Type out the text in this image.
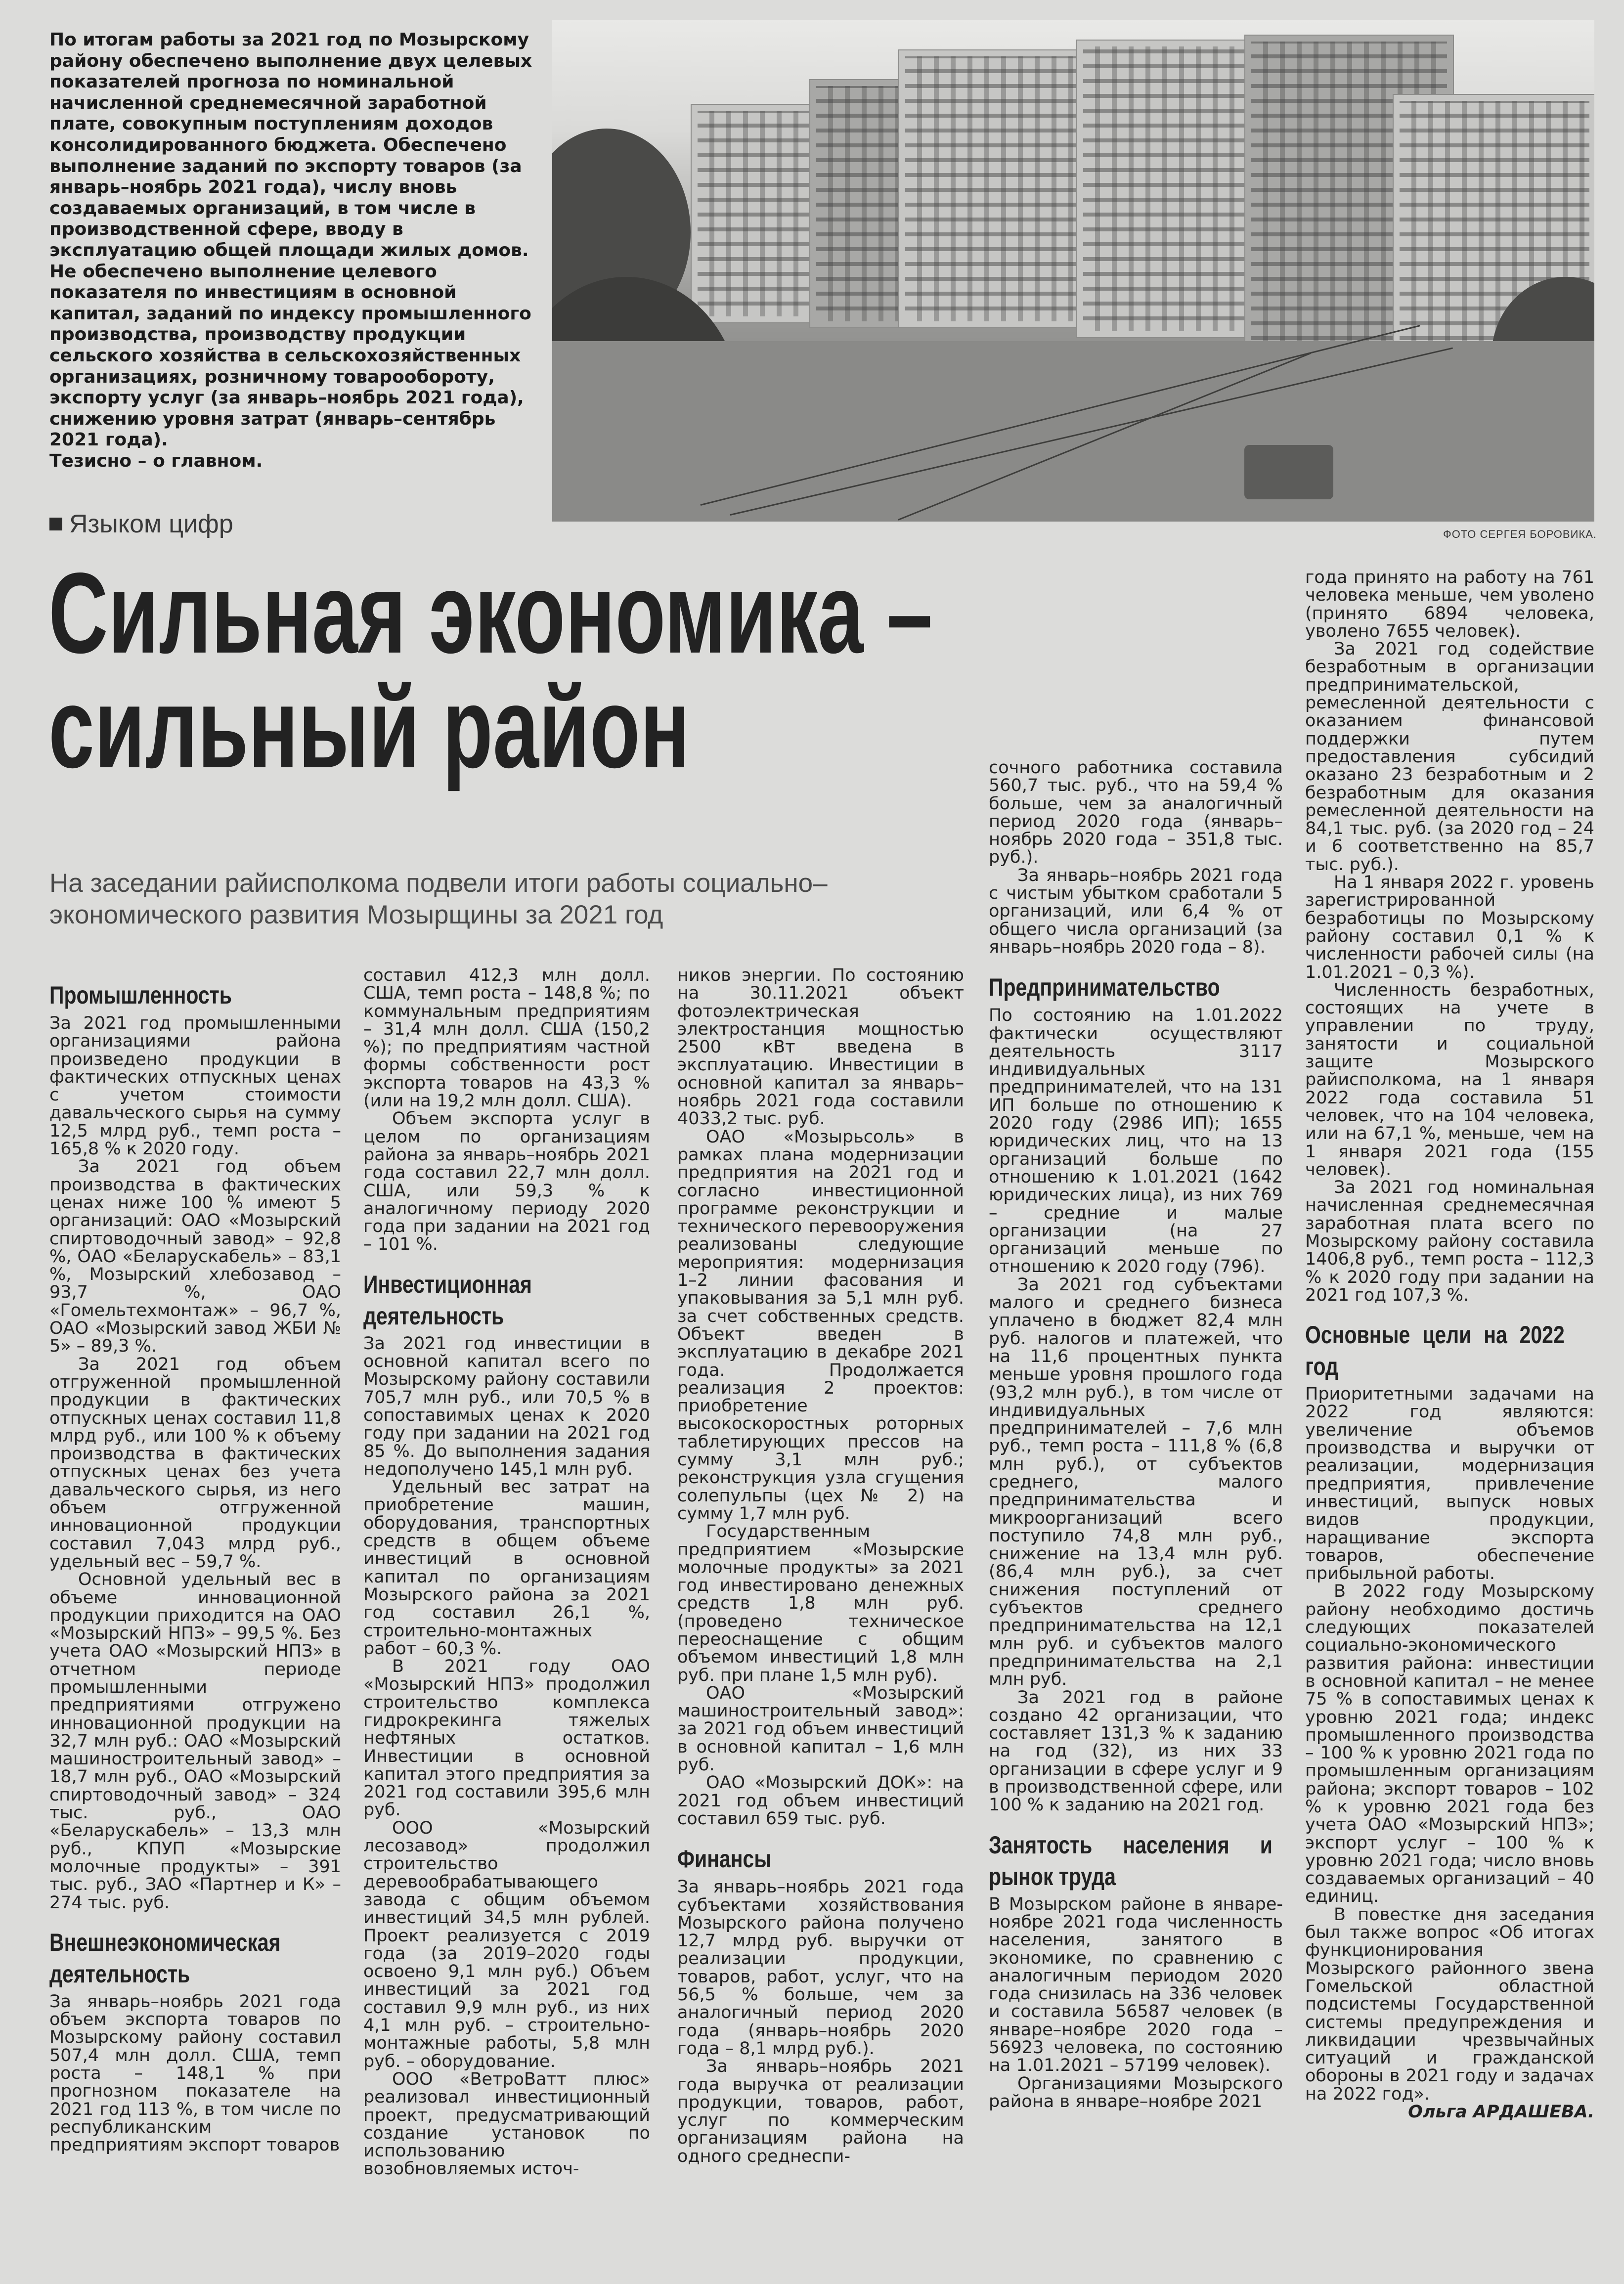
По итогам работы за 2021 год по Мозырскому району обеспечено выполнение двух целевых показателей прогноза по номинальной начисленной среднемесячной заработной плате, совокупным поступлениям доходов консолидированного бюджета. Обеспечено выполнение заданий по экспорту товаров (за январь–ноябрь 2021 года), числу вновь создаваемых организаций, в том числе в производственной сфере, вводу в эксплуатацию общей площади жилых домов.

Не обеспечено выполнение целевого показателя по инвестициям в основной капитал, заданий по индексу промышленного производства, производству продукции сельского хозяйства в сельскохозяйственных организациях, розничному товарообороту, экспорту услуг (за январь–ноябрь 2021 года), снижению уровня затрат (январь–сентябрь 2021 года).

Тезисно – о главном.

ФОТО СЕРГЕЯ БОРОВИКА.
Языком цифр
Сильная экономика –
сильный район
На заседании райисполкома подвели итоги работы социально–экономического развития Мозырщины за 2021 год
Промышленность

За 2021 год промышленными организациями района произведено продукции в фактических отпускных ценах с учетом стоимости давальческого сырья на сумму 12,5 млрд руб., темп роста – 165,8 % к 2020 году.

За 2021 год объем производства в фактических ценах ниже 100 % имеют 5 организаций: ОАО «Мозырский спиртоводочный завод» – 92,8 %, ОАО «Беларускабель» – 83,1 %, Мозырский хлебозавод – 93,7 %, ОАО «Гомельтехмонтаж» – 96,7 %, ОАО «Мозырский завод ЖБИ № 5» – 89,3 %.

За 2021 год объем отгруженной промышленной продукции в фактических отпускных ценах составил 11,8 млрд руб., или 100 % к объему производства в фактических отпускных ценах без учета давальческого сырья, из него объем отгруженной инновационной продукции составил 7,043 млрд руб., удельный вес – 59,7 %.

Основной удельный вес в объеме инновационной продукции приходится на ОАО «Мозырский НПЗ» – 99,5 %. Без учета ОАО «Мозырский НПЗ» в отчетном периоде промышленными предприятиями отгружено инновационной продукции на 32,7 млн руб.: ОАО «Мозырский машиностроительный завод» – 18,7 млн руб., ОАО «Мозырский спиртоводочный завод» – 324 тыс. руб., ОАО «Беларускабель» – 13,3 млн руб., КПУП «Мозырские молочные продукты» – 391 тыс. руб., ЗАО «Партнер и К» – 274 тыс. руб.

Внешнеэкономическая деятельность

За январь–ноябрь 2021 года объем экспорта товаров по Мозырскому району составил 507,4 млн долл. США, темп роста – 148,1 % при прогнозном показателе на 2021 год 113 %, в том числе по республиканским предприятиям экспорт товаров

составил 412,3 млн долл. США, темп роста – 148,8 %; по коммунальным предприятиям – 31,4 млн долл. США (150,2 %); по предприятиям частной формы собственности рост экспорта товаров на 43,3 % (или на 19,2 млн долл. США).

Объем экспорта услуг в целом по организациям района за январь–ноябрь 2021 года составил 22,7 млн долл. США, или 59,3 % к аналогичному периоду 2020 года при задании на 2021 год – 101 %.

Инвестиционная деятельность

За 2021 год инвестиции в основной капитал всего по Мозырскому району составили 705,7 млн руб., или 70,5 % в сопоставимых ценах к 2020 году при задании на 2021 год 85 %. До выполнения задания недополучено 145,1 млн руб.

Удельный вес затрат на приобретение машин, оборудования, транспортных средств в общем объеме инвестиций в основной капитал по организациям Мозырского района за 2021 год составил 26,1 %, строительно-монтажных работ – 60,3 %.

В 2021 году ОАО «Мозырский НПЗ» продолжил строительство комплекса гидрокрекинга тяжелых нефтяных остатков. Инвестиции в основной капитал этого предприятия за 2021 год составили 395,6 млн руб.

ООО «Мозырский лесозавод» продолжил строительство деревообрабатывающего завода с общим объемом инвестиций 34,5 млн рублей. Проект реализуется с 2019 года (за 2019–2020 годы освоено 9,1 млн руб.) Объем инвестиций за 2021 год составил 9,9 млн руб., из них 4,1 млн руб. – строительно-монтажные работы, 5,8 млн руб. – оборудование.

ООО «ВетроВатт плюс» реализовал инвестиционный проект, предусматривающий создание установок по использованию возобновляемых источ-

ников энергии. По состоянию на 30.11.2021 объект фотоэлектрическая электростанция мощностью 2500 кВт введена в эксплуатацию. Инвестиции в основной капитал за январь–ноябрь 2021 года составили 4033,2 тыс. руб.

ОАО «Мозырьсоль» в рамках плана модернизации предприятия на 2021 год и согласно инвестиционной программе реконструкции и технического перевооружения реализованы следующие мероприятия: модернизация 1–2 линии фасования и упаковывания за 5,1 млн руб. за счет собственных средств. Объект введен в эксплуатацию в декабре 2021 года. Продолжается реализация 2 проектов: приобретение высокоскоростных роторных таблетирующих прессов на сумму 3,1 млн руб.; реконструкция узла сгущения солепульпы (цех № 2) на сумму 1,7 млн руб.

Государственным предприятием «Мозырские молочные продукты» за 2021 год инвестировано денежных средств 1,8 млн руб. (проведено техническое переоснащение с общим объемом инвестиций 1,8 млн руб. при плане 1,5 млн руб).

ОАО «Мозырский машиностроительный завод»: за 2021 год объем инвестиций в основной капитал – 1,6 млн руб.

ОАО «Мозырский ДОК»: на 2021 год объем инвестиций составил 659 тыс. руб.

Финансы

За январь–ноябрь 2021 года субъектами хозяйствования Мозырского района получено 12,7 млрд руб. выручки от реализации продукции, товаров, работ, услуг, что на 56,5 % больше, чем за аналогичный период 2020 года (январь–ноябрь 2020 года – 8,1 млрд руб.).

За январь–ноябрь 2021 года выручка от реализации продукции, товаров, работ, услуг по коммерческим организациям района на одного среднеспи-

сочного работника составила 560,7 тыс. руб., что на 59,4 % больше, чем за аналогичный период 2020 года (январь–ноябрь 2020 года – 351,8 тыс. руб.).

За январь–ноябрь 2021 года с чистым убытком сработали 5 организаций, или 6,4 % от общего числа организаций (за январь–ноябрь 2020 года – 8).

Предпринимательство

По состоянию на 1.01.2022 фактически осуществляют деятельность 3117 индивидуальных предпринимателей, что на 131 ИП больше по отношению к 2020 году (2986 ИП); 1655 юридических лиц, что на 13 организаций больше по отношению к 1.01.2021 (1642 юридических лица), из них 769 – средние и малые организации (на 27 организаций меньше по отношению к 2020 году (796).

За 2021 год субъектами малого и среднего бизнеса уплачено в бюджет 82,4 млн руб. налогов и платежей, что на 11,6 процентных пункта меньше уровня прошлого года (93,2 млн руб.), в том числе от индивидуальных предпринимателей – 7,6 млн руб., темп роста – 111,8 % (6,8 млн руб.), от субъектов среднего, малого предпринимательства и микроорганизаций всего поступило 74,8 млн руб., снижение на 13,4 млн руб. (86,4 млн руб.), за счет снижения поступлений от субъектов среднего предпринимательства на 12,1 млн руб. и субъектов малого предпринимательства на 2,1 млн руб.

За 2021 год в районе создано 42 организации, что составляет 131,3 % к заданию на год (32), из них 33 организации в сфере услуг и 9 в производственной сфере, или 100 % к заданию на 2021 год.

Занятость населения и рынок труда

В Мозырском районе в январе-ноябре 2021 года численность населения, занятого в экономике, по сравнению с аналогичным периодом 2020 года снизилась на 336 человек и составила 56587 человек (в январе–ноябре 2020 года – 56923 человека, по состоянию на 1.01.2021 – 57199 человек).

Организациями Мозырского района в январе–ноябре 2021

года принято на работу на 761 человека меньше, чем уволено (принято 6894 человека, уволено 7655 человек).

За 2021 год содействие безработным в организации предпринимательской, ремесленной деятельности с оказанием финансовой поддержки путем предоставления субсидий оказано 23 безработным и 2 безработным для оказания ремесленной деятельности на 84,1 тыс. руб. (за 2020 год – 24 и 6 соответственно на 85,7 тыс. руб.).

На 1 января 2022 г. уровень зарегистрированной безработицы по Мозырскому району составил 0,1 % к численности рабочей силы (на 1.01.2021 – 0,3 %).

Численность безработных, состоящих на учете в управлении по труду, занятости и социальной защите Мозырского райисполкома, на 1 января 2022 года составила 51 человек, что на 104 человека, или на 67,1 %, меньше, чем на 1 января 2021 года (155 человек).

За 2021 год номинальная начисленная среднемесячная заработная плата всего по Мозырскому району составила 1406,8 руб., темп роста – 112,3 % к 2020 году при задании на 2021 год 107,3 %.

Основные цели на 2022 год

Приоритетными задачами на 2022 год являются: увеличение объемов производства и выручки от реализации, модернизация предприятия, привлечение инвестиций, выпуск новых видов продукции, наращивание экспорта товаров, обеспечение прибыльной работы.

В 2022 году Мозырскому району необходимо достичь следующих показателей социально-экономического развития района: инвестиции в основной капитал – не менее 75 % в сопоставимых ценах к уровню 2021 года; индекс промышленного производства – 100 % к уровню 2021 года по промышленным организациям района; экспорт товаров – 102 % к уровню 2021 года без учета ОАО «Мозырский НПЗ»; экспорт услуг – 100 % к уровню 2021 года; число вновь создаваемых организаций – 40 единиц.

В повестке дня заседания был также вопрос «Об итогах функционирования Мозырского районного звена Гомельской областной подсистемы Государственной системы предупреждения и ликвидации чрезвычайных ситуаций и гражданской обороны в 2021 году и задачах на 2022 год».

Ольга АРДАШЕВА.
